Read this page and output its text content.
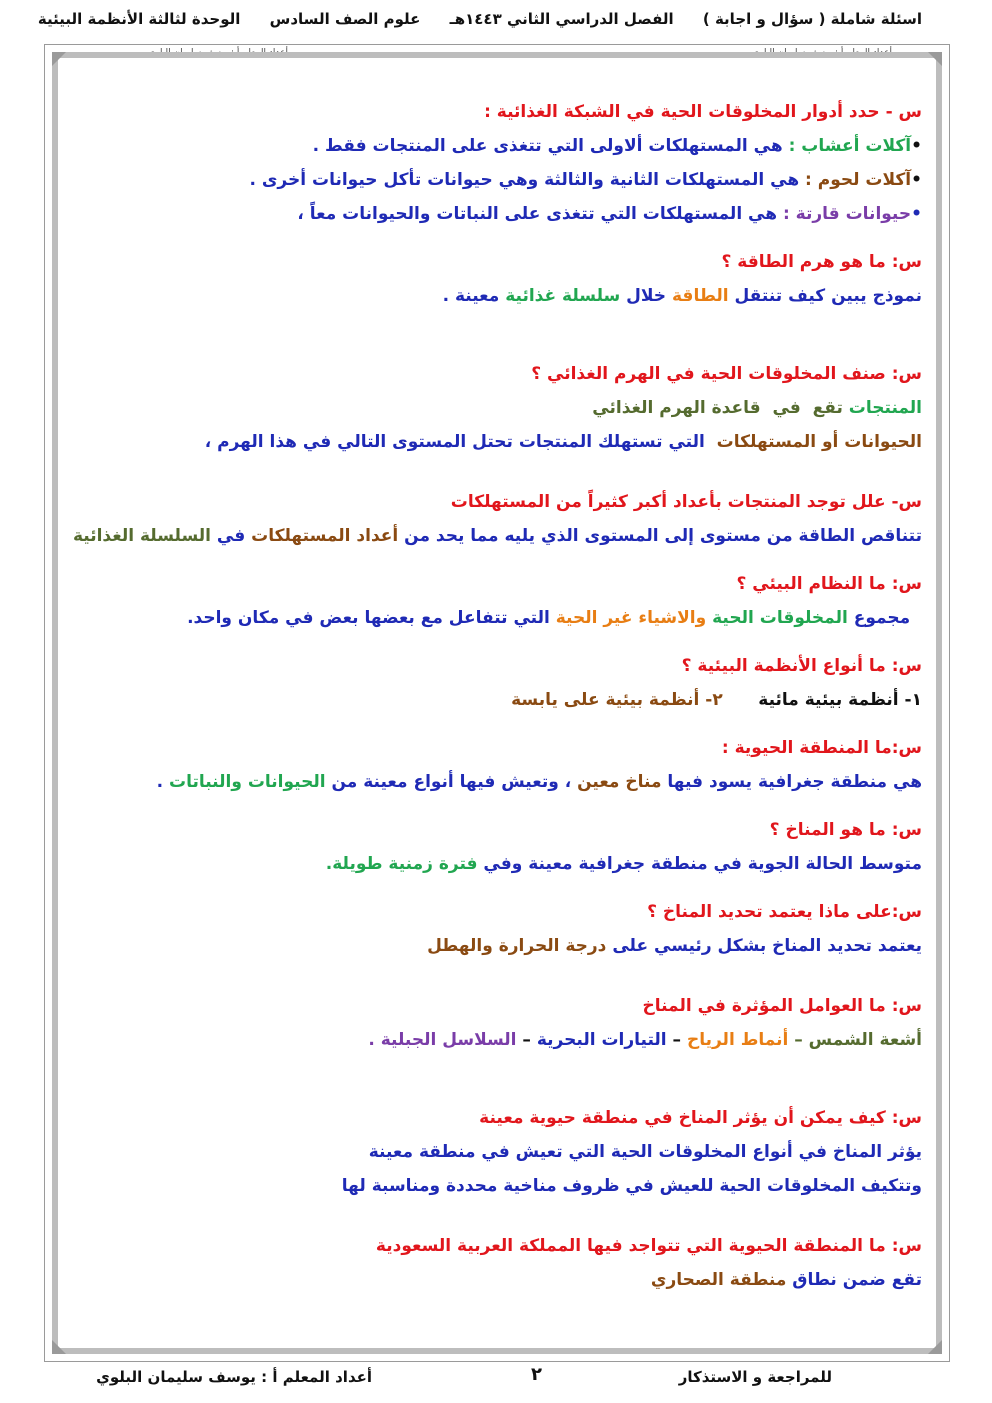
اسئلة شاملة ( سؤال و اجابة ) الفصل الدراسي الثاني ١٤٤٣هـ علوم الصف السادس الوحدة لثالثة الأنظمة البيئية
أعداد المعلم أ : يوسف سليمان البلوي
أعداد المعلم أ : يوسف سليمان البلوي
س - حدد أدوار المخلوقات الحية في الشبكة الغذائية :
•آكلات أعشاب : هي المستهلكات ألاولى التي تتغذى على المنتجات فقط .
•آكلات لحوم : هي المستهلكات الثانية والثالثة وهي حيوانات تأكل حيوانات أخرى .
•حيوانات قارتة : هي المستهلكات التي تتغذى على النباتات والحيوانات معاً ،
س: ما هو هرم الطاقة ؟
نموذج يبين كيف تنتقل الطاقة خلال سلسلة غذائية معينة .
س: صنف المخلوقات الحية في الهرم الغذائي ؟
المنتجات تقع  في  قاعدة الهرم الغذائي
الحيوانات أو المستهلكات  التي تستهلك المنتجات تحتل المستوى التالي في هذا الهرم ،
س- علل توجد المنتجات بأعداد أكبر كثيراً من المستهلكات
تتناقص الطاقة من مستوى إلى المستوى الذي يليه مما يحد من أعداد المستهلكات في السلسلة الغذائية
س: ما النظام البيئي ؟
مجموع المخلوقات الحية والاشياء غير الحية التي تتفاعل مع بعضها بعض في مكان واحد.
س: ما أنواع الأنظمة البيئية ؟
١- أنظمة بيئية مائية      ٢- أنظمة بيئية على يابسة
س:ما المنطقة الحيوية :
هي منطقة جغرافية يسود فيها مناخ معين ، وتعيش فيها أنواع معينة من الحيوانات والنباتات .
س: ما هو المناخ ؟
متوسط الحالة الجوية في منطقة جغرافية معينة وفي فترة زمنية طويلة.
س:على ماذا يعتمد تحديد المناخ ؟
يعتمد تحديد المناخ بشكل رئيسي على درجة الحرارة والهطل
س: ما العوامل المؤثرة في المناخ
أشعة الشمس – أنماط الرياح – التيارات البحرية – السلاسل الجبلية .
س: كيف يمكن أن يؤثر المناخ في منطقة حيوية معينة
يؤثر المناخ في أنواع المخلوقات الحية التي تعيش في منطقة معينة
وتتكيف المخلوقات الحية للعيش في ظروف مناخية محددة ومناسبة لها
س: ما المنطقة الحيوية التي تتواجد فيها المملكة العربية السعودية
تقع ضمن نطاق منطقة الصحاري
للمراجعة و الاستذكار
٢
أعداد المعلم أ : يوسف سليمان البلوي
